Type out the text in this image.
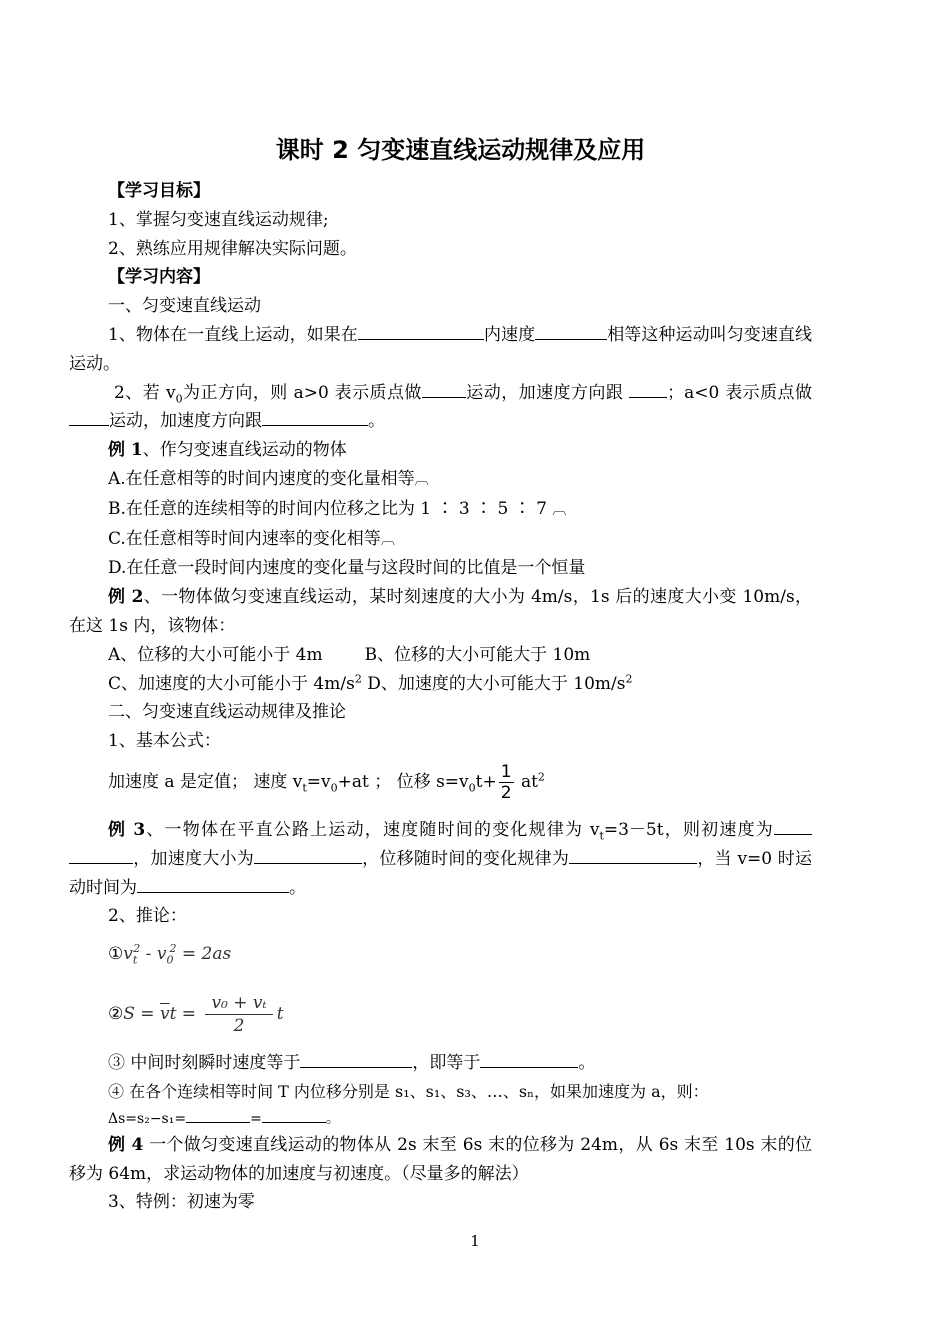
课时 2 匀变速直线运动规律及应用

【学习目标】

1、掌握匀变速直线运动规律;

2、熟练应用规律解决实际问题。

【学习内容】

一、匀变速直线运动

1、物体在一直线上运动，如果在	内速度	相等这种运动叫匀变速直线运动。

2、若 $v_0$为正方向，则 a>0 表示质点做	运动，加速度方向跟	；a<0 表示质点做运动，加速度方向跟	。

例 1、作匀变速直线运动的物体

A.在任意相等的时间内速度的变化量相等︹

B.在任意的连续相等的时间内位移之比为 1 ∶ 3 ∶ 5 ∶ 7 ︹

C.在任意相等时间内速率的变化相等︹

D.在任意一段时间内速度的变化量与这段时间的比值是一个恒量

例 2、一物体做匀变速直线运动，某时刻速度的大小为 4m/s，1s 后的速度大小变 10m/s，在这 1s 内，该物体：

A、位移的大小可能小于 4m B、位移的大小可能大于 10m

C、加速度的大小可能小于 $4m/s^2$ D、加速度的大小可能大于 $10m/s^2$

二、匀变速直线运动规律及推论

1、基本公式：

加速度 a 是定值； 速度 $v_t=v_0+at$ ； 位移 $s=v_0t+ \frac{1}{2} at^2$

例 3、一物体在平直公路上运动，速度随时间的变化规律为 $v_t=3-5t$，则初速度为 ，加速度大小为	，位移随时间的变化规律为	，当 v=0 时运动时间为	。

2、推论：

$①v_t^2 - v_0^2 = 2as$

②S = $\overline{v}t = \frac{\text{v₀ + vₜ}}{2}$ t

③ 中间时刻瞬时速度等于	，即等于	。

④ 在各个连续相等时间 T 内位移分别是 s₁、s₁、s₃、…、sₙ，如果加速度为 a，则：

Δs=s₂−s₁=	=	。

例 4 一个做匀变速直线运动的物体从 2s 末至 6s 末的位移为 24m，从 6s 末至 10s 末的位移为 64m，求运动物体的加速度与初速度。（尽量多的解法）

3、特例：初速为零

1
